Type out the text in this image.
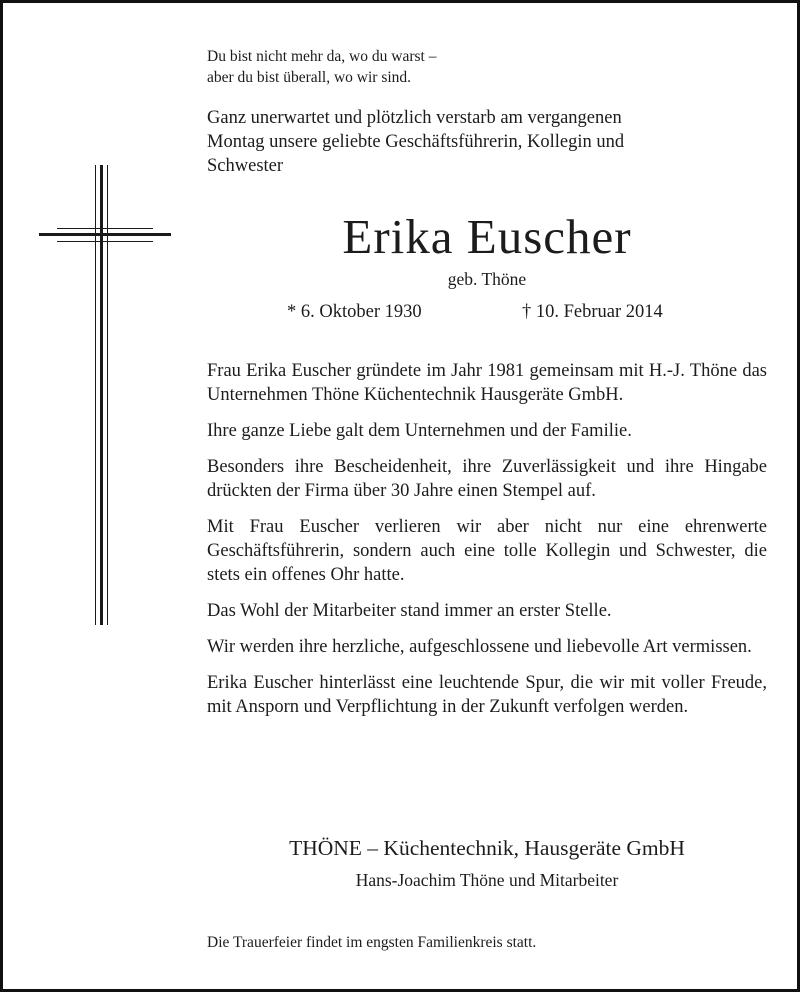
Du bist nicht mehr da, wo du warst –
aber du bist überall, wo wir sind.
Ganz unerwartet und plötzlich verstarb am vergangenen
Montag unsere geliebte Geschäftsführerin, Kollegin und
Schwester
Erika Euscher
geb. Thöne
* 6. Oktober 1930	† 10. Februar 2014

Frau Erika Euscher gründete im Jahr 1981 gemeinsam mit H.-J. Thöne das Unternehmen Thöne Küchentechnik Hausgeräte GmbH.

Ihre ganze Liebe galt dem Unternehmen und der Familie.

Besonders ihre Bescheidenheit, ihre Zuverlässigkeit und ihre Hingabe drückten der Firma über 30 Jahre einen Stempel auf.

Mit Frau Euscher verlieren wir aber nicht nur eine ehrenwerte Geschäftsführerin, sondern auch eine tolle Kollegin und Schwester, die stets ein offenes Ohr hatte.

Das Wohl der Mitarbeiter stand immer an erster Stelle.

Wir werden ihre herzliche, aufgeschlossene und liebevolle Art vermissen.

Erika Euscher hinterlässt eine leuchtende Spur, die wir mit voller Freude, mit Ansporn und Verpflichtung in der Zukunft verfolgen werden.

THÖNE – Küchentechnik, Hausgeräte GmbH
Hans-Joachim Thöne und Mitarbeiter
Die Trauerfeier findet im engsten Familienkreis statt.
